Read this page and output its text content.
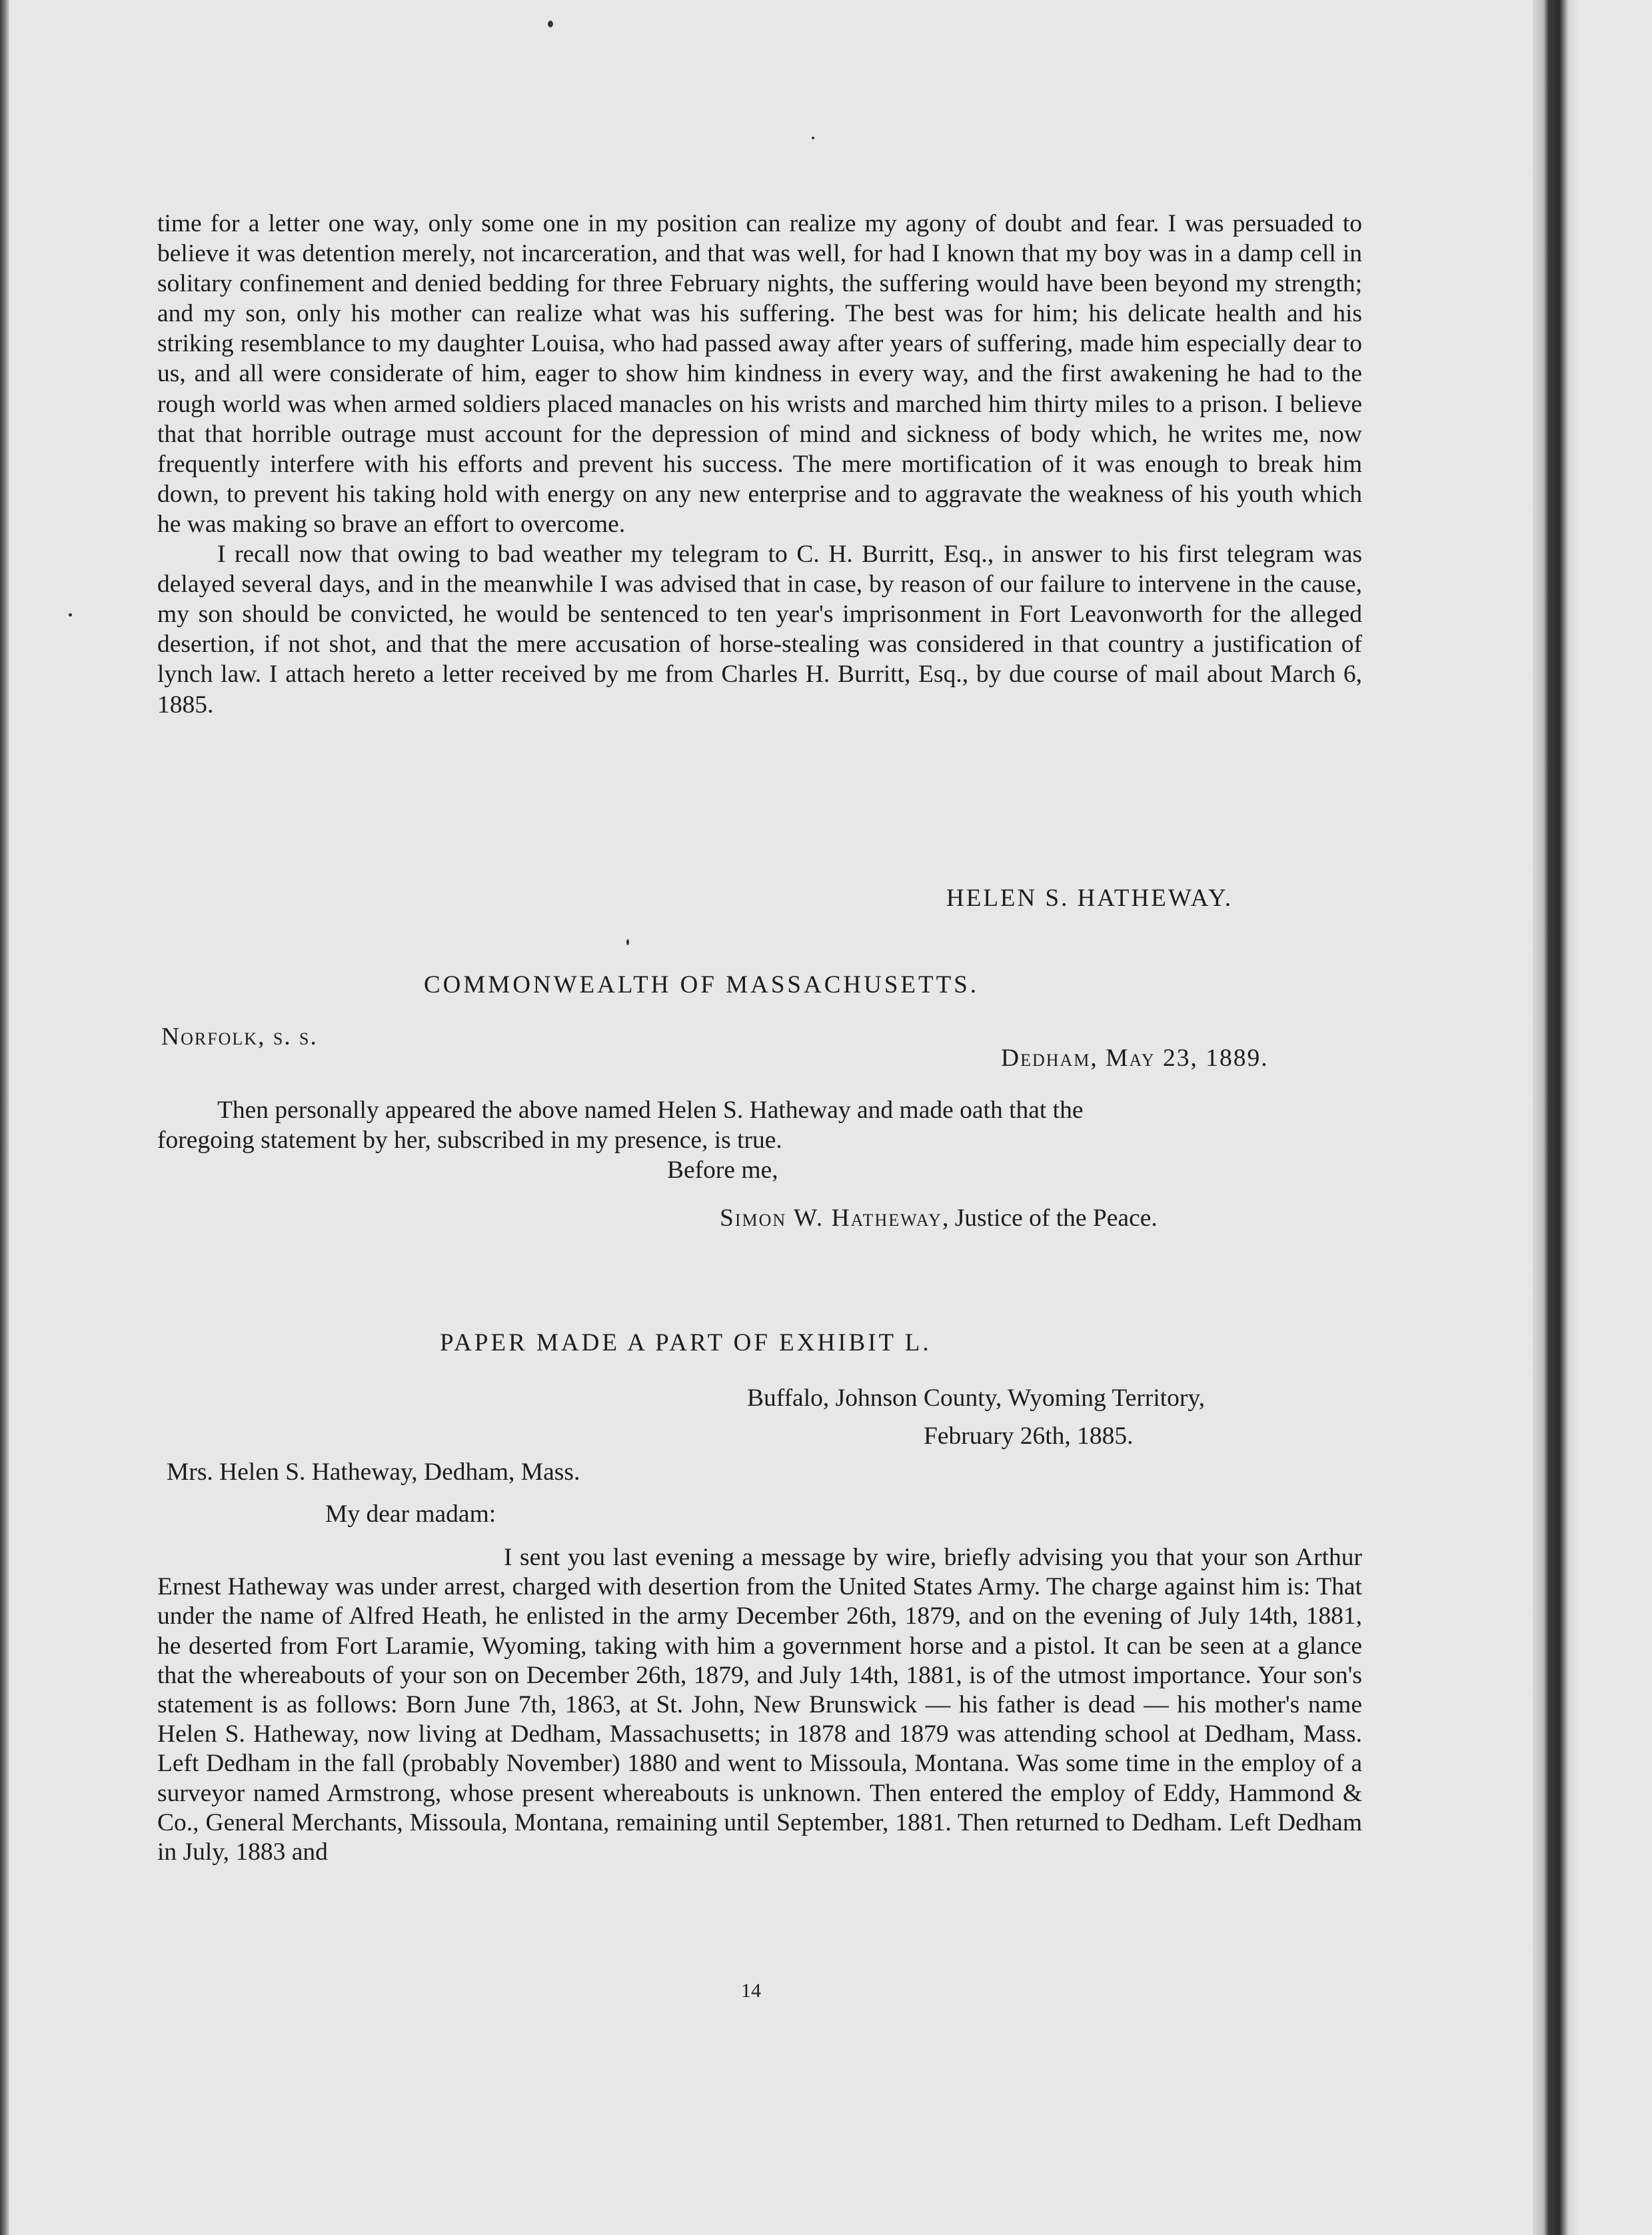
time for a letter one way, only some one in my position can realize my agony of doubt and fear. I was persuaded to believe it was detention merely, not incarceration, and that was well, for had I known that my boy was in a damp cell in solitary confinement and denied bedding for three February nights, the suffering would have been beyond my strength; and my son, only his mother can realize what was his suffering. The best was for him; his delicate health and his striking resemblance to my daughter Louisa, who had passed away after years of suffering, made him especially dear to us, and all were considerate of him, eager to show him kindness in every way, and the first awakening he had to the rough world was when armed soldiers placed manacles on his wrists and marched him thirty miles to a prison. I believe that that horrible outrage must account for the depression of mind and sickness of body which, he writes me, now frequently interfere with his efforts and prevent his success. The mere mortification of it was enough to break him down, to prevent his taking hold with energy on any new enterprise and to aggravate the weakness of his youth which he was making so brave an effort to overcome.

I recall now that owing to bad weather my telegram to C. H. Burritt, Esq., in answer to his first telegram was delayed several days, and in the meanwhile I was advised that in case, by reason of our failure to intervene in the cause, my son should be convicted, he would be sentenced to ten year's imprisonment in Fort Leavonworth for the alleged desertion, if not shot, and that the mere accusation of horse-stealing was considered in that country a justification of lynch law. I attach hereto a letter received by me from Charles H. Burritt, Esq., by due course of mail about March 6, 1885.

HELEN S. HATHEWAY.
COMMONWEALTH OF MASSACHUSETTS.
Norfolk, s. s.
Dedham, May 23, 1889.
Then personally appeared the above named Helen S. Hatheway and made oath that the
foregoing statement by her, subscribed in my presence, is true.
Before me,
Simon W. Hatheway, Justice of the Peace.
PAPER MADE A PART OF EXHIBIT L.
Buffalo, Johnson County, Wyoming Territory,
February 26th, 1885.
Mrs. Helen S. Hatheway, Dedham, Mass.
My dear madam:

I sent you last evening a message by wire, briefly advising you that your son Arthur Ernest Hatheway was under arrest, charged with desertion from the United States Army. The charge against him is: That under the name of Alfred Heath, he enlisted in the army December 26th, 1879, and on the evening of July 14th, 1881, he deserted from Fort Laramie, Wyoming, taking with him a government horse and a pistol. It can be seen at a glance that the whereabouts of your son on December 26th, 1879, and July 14th, 1881, is of the utmost importance. Your son's statement is as follows: Born June 7th, 1863, at St. John, New Brunswick — his father is dead — his mother's name Helen S. Hatheway, now living at Dedham, Massachusetts; in 1878 and 1879 was attending school at Dedham, Mass. Left Dedham in the fall (probably November) 1880 and went to Missoula, Montana. Was some time in the employ of a surveyor named Armstrong, whose present whereabouts is unknown. Then entered the employ of Eddy, Hammond & Co., General Merchants, Missoula, Montana, remaining until September, 1881. Then returned to Dedham. Left Dedham in July, 1883 and

14
